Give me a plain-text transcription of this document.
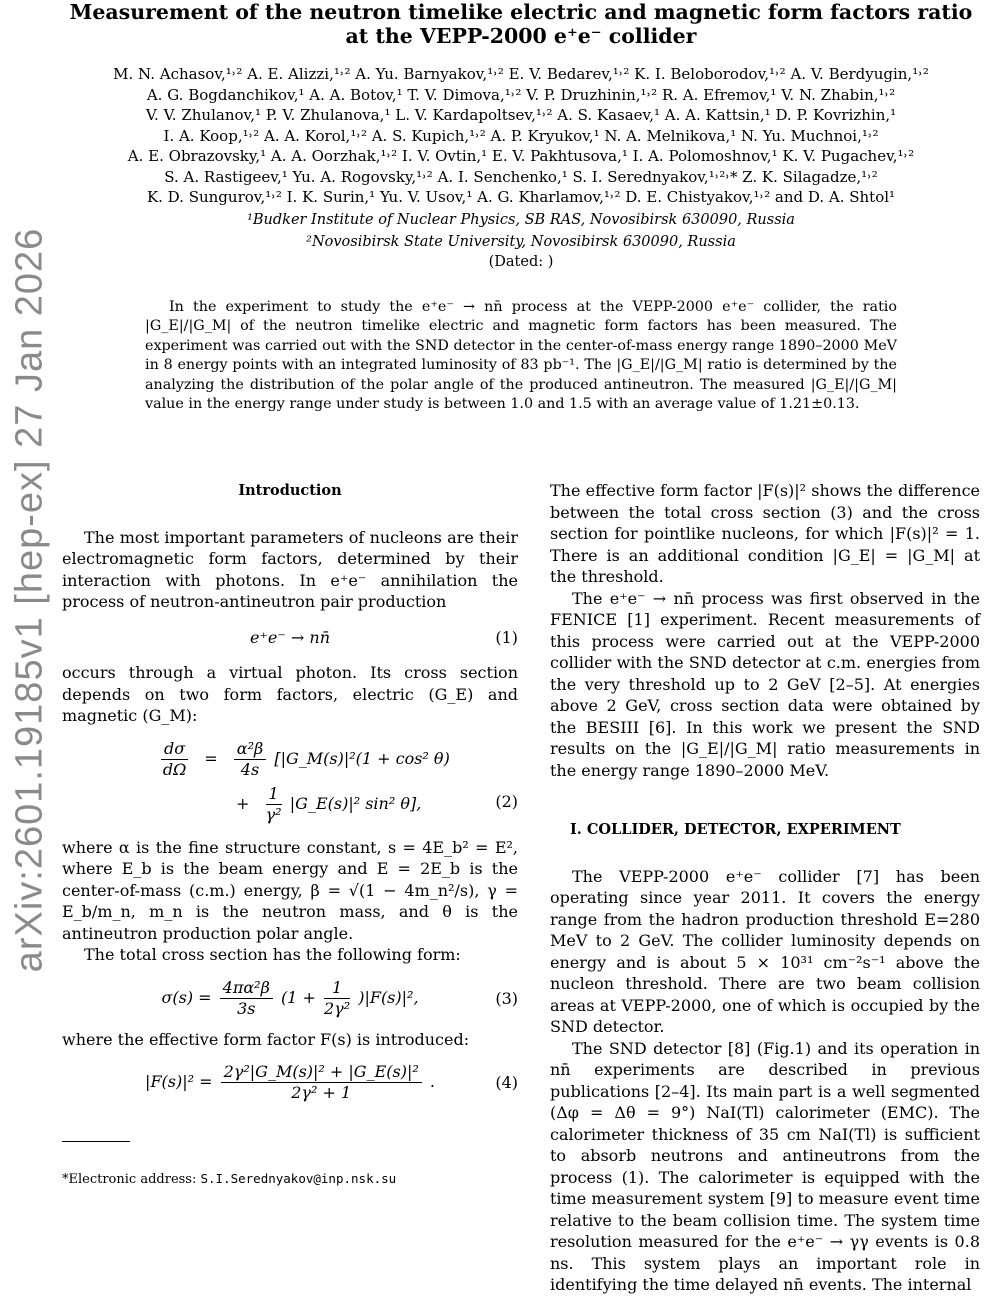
arXiv:2601.19185v1 [hep-ex] 27 Jan 2026
Measurement of the neutron timelike electric and magnetic form factors ratio at the VEPP-2000 e⁺e⁻ collider
M. N. Achasov,¹˒² A. E. Alizzi,¹˒² A. Yu. Barnyakov,¹˒² E. V. Bedarev,¹˒² K. I. Beloborodov,¹˒² A. V. Berdyugin,¹˒²
A. G. Bogdanchikov,¹ A. A. Botov,¹ T. V. Dimova,¹˒² V. P. Druzhinin,¹˒² R. A. Efremov,¹ V. N. Zhabin,¹˒²
V. V. Zhulanov,¹ P. V. Zhulanova,¹ L. V. Kardapoltsev,¹˒² A. S. Kasaev,¹ A. A. Kattsin,¹ D. P. Kovrizhin,¹
I. A. Koop,¹˒² A. A. Korol,¹˒² A. S. Kupich,¹˒² A. P. Kryukov,¹ N. A. Melnikova,¹ N. Yu. Muchnoi,¹˒²
A. E. Obrazovsky,¹ A. A. Oorzhak,¹˒² I. V. Ovtin,¹ E. V. Pakhtusova,¹ I. A. Polomoshnov,¹ K. V. Pugachev,¹˒²
S. A. Rastigeev,¹ Yu. A. Rogovsky,¹˒² A. I. Senchenko,¹ S. I. Serednyakov,¹˒²˒* Z. K. Silagadze,¹˒²
K. D. Sungurov,¹˒² I. K. Surin,¹ Yu. V. Usov,¹ A. G. Kharlamov,¹˒² D. E. Chistyakov,¹˒² and D. A. Shtol¹
¹Budker Institute of Nuclear Physics, SB RAS, Novosibirsk 630090, Russia
²Novosibirsk State University, Novosibirsk 630090, Russia
(Dated: )
In the experiment to study the e⁺e⁻ → nn̄ process at the VEPP-2000 e⁺e⁻ collider, the ratio |G_E|/|G_M| of the neutron timelike electric and magnetic form factors has been measured. The experiment was carried out with the SND detector in the center-of-mass energy range 1890–2000 MeV in 8 energy points with an integrated luminosity of 83 pb⁻¹. The |G_E|/|G_M| ratio is determined by the analyzing the distribution of the polar angle of the produced antineutron. The measured |G_E|/|G_M| value in the energy range under study is between 1.0 and 1.5 with an average value of 1.21±0.13.
Introduction

The most important parameters of nucleons are their electromagnetic form factors, determined by their interaction with photons. In e⁺e⁻ annihilation the process of neutron-antineutron pair production

e⁺e⁻ → nn̄	(1)

occurs through a virtual photon. Its cross section depends on two form factors, electric (G_E) and magnetic (G_M):

$\frac{d\sigma}{d\Omega} = \frac{\text{α²β}}{4s}$ [|G_M(s)|²(1 + cos² θ)
+ $\frac{1}{\text{γ²}}$ |G_E(s)|² sin² θ],	(2)

where α is the fine structure constant, s = 4E_b² = E², where E_b is the beam energy and E = 2E_b is the center-of-mass (c.m.) energy, β = √(1 − 4m_n²/s), γ = E_b/m_n, m_n is the neutron mass, and θ is the antineutron production polar angle.

The total cross section has the following form:

$\sigma(s) = \frac{\text{4πα²β}}{3s} (1 + \frac{1}{\text{2γ²}} )|F(s)|^2$,	(3)

where the effective form factor F(s) is introduced:

$|F(s)|^2 = \frac{\text{2γ²|G\_M(s)|² + |G\_E(s)|²}}{\text{2γ² + 1}}$ .	(4)
*Electronic address: S.I.Serednyakov@inp.nsk.su

The effective form factor |F(s)|² shows the difference between the total cross section (3) and the cross section for pointlike nucleons, for which |F(s)|² = 1. There is an additional condition |G_E| = |G_M| at the threshold.

The e⁺e⁻ → nn̄ process was first observed in the FENICE [1] experiment. Recent measurements of this process were carried out at the VEPP-2000 collider with the SND detector at c.m. energies from the very threshold up to 2 GeV [2–5]. At energies above 2 GeV, cross section data were obtained by the BESIII [6]. In this work we present the SND results on the |G_E|/|G_M| ratio measurements in the energy range 1890–2000 MeV.

I. COLLIDER, DETECTOR, EXPERIMENT

The VEPP-2000 e⁺e⁻ collider [7] has been operating since year 2011. It covers the energy range from the hadron production threshold E=280 MeV to 2 GeV. The collider luminosity depends on energy and is about 5 × 10³¹ cm⁻²s⁻¹ above the nucleon threshold. There are two beam collision areas at VEPP-2000, one of which is occupied by the SND detector.

The SND detector [8] (Fig.1) and its operation in nn̄ experiments are described in previous publications [2–4]. Its main part is a well segmented (Δφ = Δθ = 9°) NaI(Tl) calorimeter (EMC). The calorimeter thickness of 35 cm NaI(Tl) is sufficient to absorb neutrons and antineutrons from the process (1). The calorimeter is equipped with the time measurement system [9] to measure event time relative to the beam collision time. The system time resolution measured for the e⁺e⁻ → γγ events is 0.8 ns. This system plays an important role in identifying the time delayed nn̄ events. The internal
